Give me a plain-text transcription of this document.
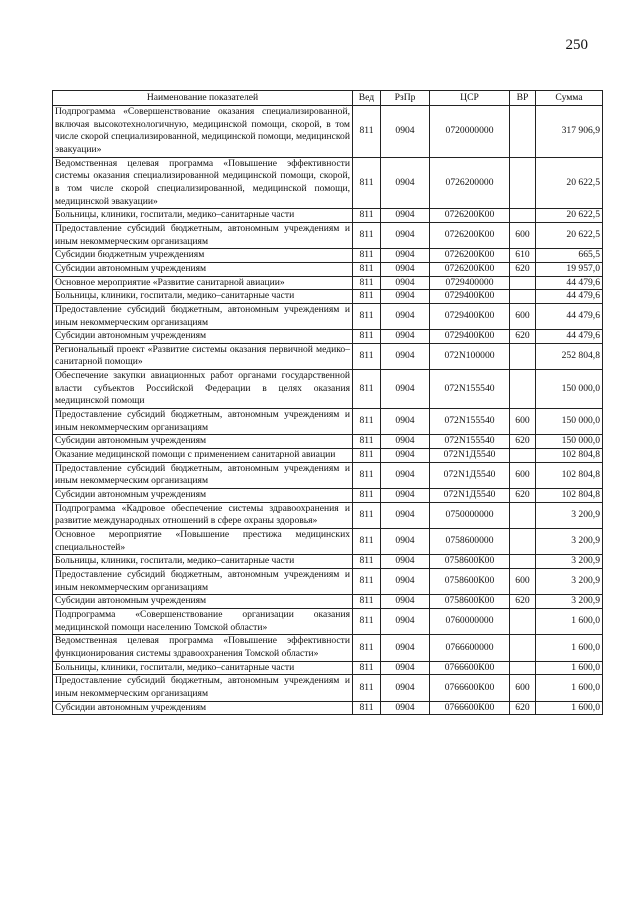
250
Наименование показателей	Вед	РзПр	ЦСР	ВР	Сумма
Подпрограмма «Совершенствование оказания специализированной, включая высокотехнологичную, медицинской помощи, скорой, в том числе скорой специализированной, медицинской помощи, медицинской эвакуации»	811	0904	0720000000		317 906,9
Ведомственная целевая программа «Повышение эффективности системы оказания специализированной медицинской помощи, скорой, в том числе скорой специализированной, медицинской помощи, медицинской эвакуации»	811	0904	0726200000		20 622,5
Больницы, клиники, госпитали, медико–санитарные части	811	0904	0726200К00		20 622,5
Предоставление субсидий бюджетным, автономным учреждениям и иным некоммерческим организациям	811	0904	0726200К00	600	20 622,5
Субсидии бюджетным учреждениям	811	0904	0726200К00	610	665,5
Субсидии автономным учреждениям	811	0904	0726200К00	620	19 957,0
Основное мероприятие «Развитие санитарной авиации»	811	0904	0729400000		44 479,6
Больницы, клиники, госпитали, медико–санитарные части	811	0904	0729400К00		44 479,6
Предоставление субсидий бюджетным, автономным учреждениям и иным некоммерческим организациям	811	0904	0729400К00	600	44 479,6
Субсидии автономным учреждениям	811	0904	0729400К00	620	44 479,6
Региональный проект «Развитие системы оказания первичной медико–санитарной помощи»	811	0904	072N100000		252 804,8
Обеспечение закупки авиационных работ органами государственной власти субъектов Российской Федерации в целях оказания медицинской помощи	811	0904	072N155540		150 000,0
Предоставление субсидий бюджетным, автономным учреждениям и иным некоммерческим организациям	811	0904	072N155540	600	150 000,0
Субсидии автономным учреждениям	811	0904	072N155540	620	150 000,0
Оказание медицинской помощи с применением санитарной авиации	811	0904	072N1Д5540		102 804,8
Предоставление субсидий бюджетным, автономным учреждениям и иным некоммерческим организациям	811	0904	072N1Д5540	600	102 804,8
Субсидии автономным учреждениям	811	0904	072N1Д5540	620	102 804,8
Подпрограмма «Кадровое обеспечение системы здравоохранения и развитие международных отношений в сфере охраны здоровья»	811	0904	0750000000		3 200,9
Основное мероприятие «Повышение престижа медицинских специальностей»	811	0904	0758600000		3 200,9
Больницы, клиники, госпитали, медико–санитарные части	811	0904	0758600К00		3 200,9
Предоставление субсидий бюджетным, автономным учреждениям и иным некоммерческим организациям	811	0904	0758600К00	600	3 200,9
Субсидии автономным учреждениям	811	0904	0758600К00	620	3 200,9
Подпрограмма «Совершенствование организации оказания медицинской помощи населению Томской области»	811	0904	0760000000		1 600,0
Ведомственная целевая программа «Повышение эффективности функционирования системы здравоохранения Томской области»	811	0904	0766600000		1 600,0
Больницы, клиники, госпитали, медико–санитарные части	811	0904	0766600К00		1 600,0
Предоставление субсидий бюджетным, автономным учреждениям и иным некоммерческим организациям	811	0904	0766600К00	600	1 600,0
Субсидии автономным учреждениям	811	0904	0766600К00	620	1 600,0
